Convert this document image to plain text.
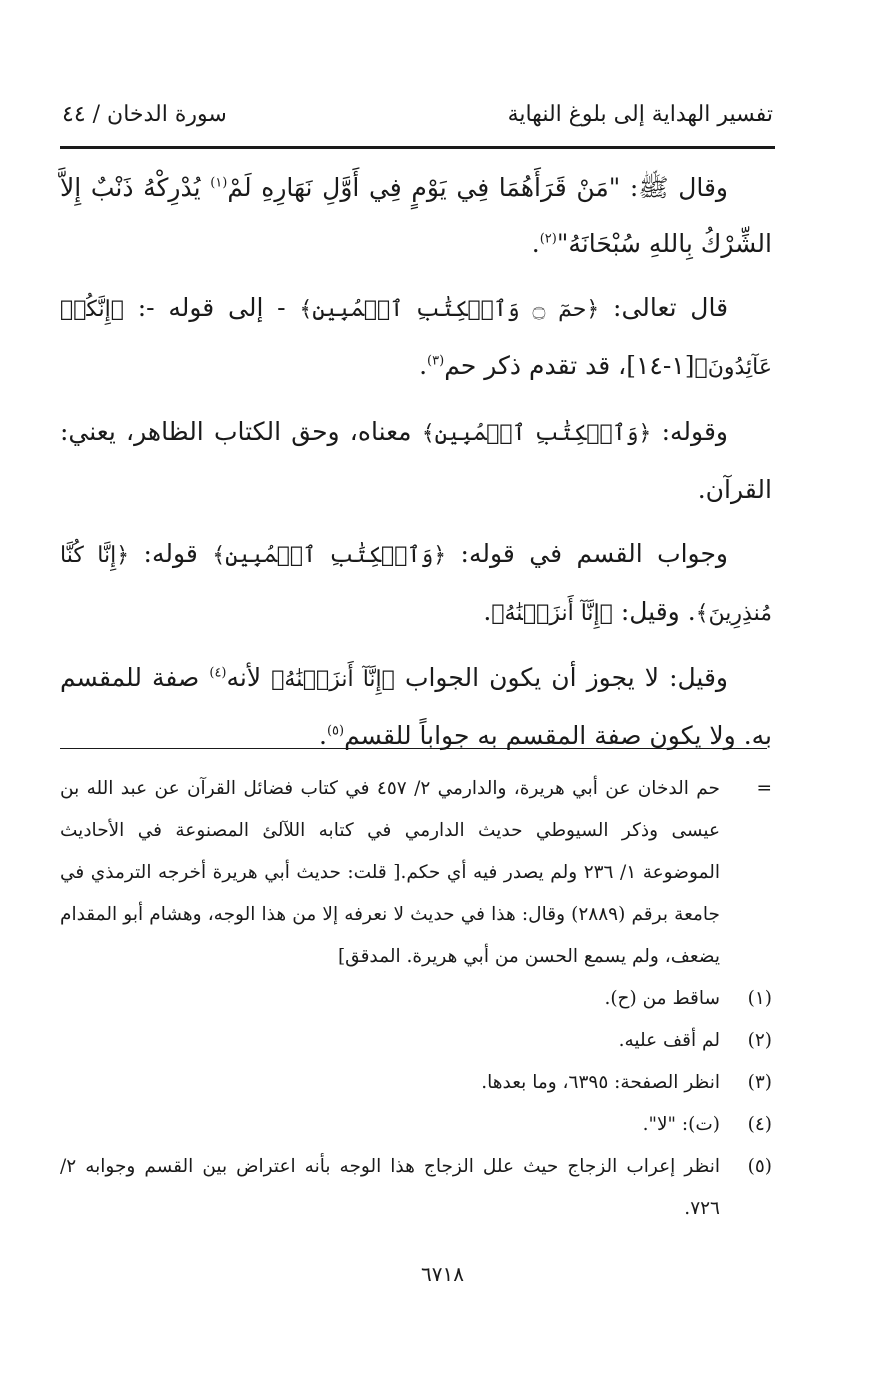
تفسير الهداية إلى بلوغ النهاية
سورة الدخان / ٤٤

وقال ﷺ: "مَنْ قَرَأَهُمَا فِي يَوْمٍ فِي أَوَّلِ نَهَارِهِ لَمْ$^{(١)}$ يُدْرِكْهُ ذَنْبٌ إِلاَّ الشِّرْكُ بِاللهِ سُبْحَانَهُ"$^{(٢)}$.

قال تعالى: ﴿حمٓ ۝ وَٱلۡكِتَٰبِ ٱلۡمُبِينِ﴾ - إلى قوله -: ﴿إِنَّكُمۡ عَآئِدُونَ﴾[١-١٤]، قد تقدم ذكر حم$^{(٣)}$.

وقوله: ﴿وَٱلۡكِتَٰبِ ٱلۡمُبِينِ﴾ معناه، وحق الكتاب الظاهر، يعني: القرآن.

وجواب القسم في قوله: ﴿وَٱلۡكِتَٰبِ ٱلۡمُبِينِ﴾ قوله: ﴿إِنَّا كُنَّا مُنذِرِينَ﴾. وقيل: ﴿إِنَّآ أَنزَلۡنَٰهُ﴾.

وقيل: لا يجوز أن يكون الجواب ﴿إِنَّآ أَنزَلۡنَٰهُ﴾ لأنه$^{(٤)}$ صفة للمقسم به. ولا يكون صفة المقسم به جواباً للقسم$^{(٥)}$.

=
حم الدخان عن أبي هريرة، والدارمي ٢/ ٤٥٧ في كتاب فضائل القرآن عن عبد الله بن عيسى وذكر السيوطي حديث الدارمي في كتابه اللآلئ المصنوعة في الأحاديث الموضوعة ١/ ٢٣٦ ولم يصدر فيه أي حكم.[ قلت: حديث أبي هريرة أخرجه الترمذي في جامعة برقم (٢٨٨٩) وقال: هذا في حديث لا نعرفه إلا من هذا الوجه، وهشام أبو المقدام يضعف، ولم يسمع الحسن من أبي هريرة. المدقق]
(١)
ساقط من (ح).
(٢)
لم أقف عليه.
(٣)
انظر الصفحة: ٦٣٩٥، وما بعدها.
(٤)
(ت): "لا".
(٥)
انظر إعراب الزجاج حيث علل الزجاج هذا الوجه بأنه اعتراض بين القسم وجوابه ٢/ ٧٢٦.
٦٧١٨
